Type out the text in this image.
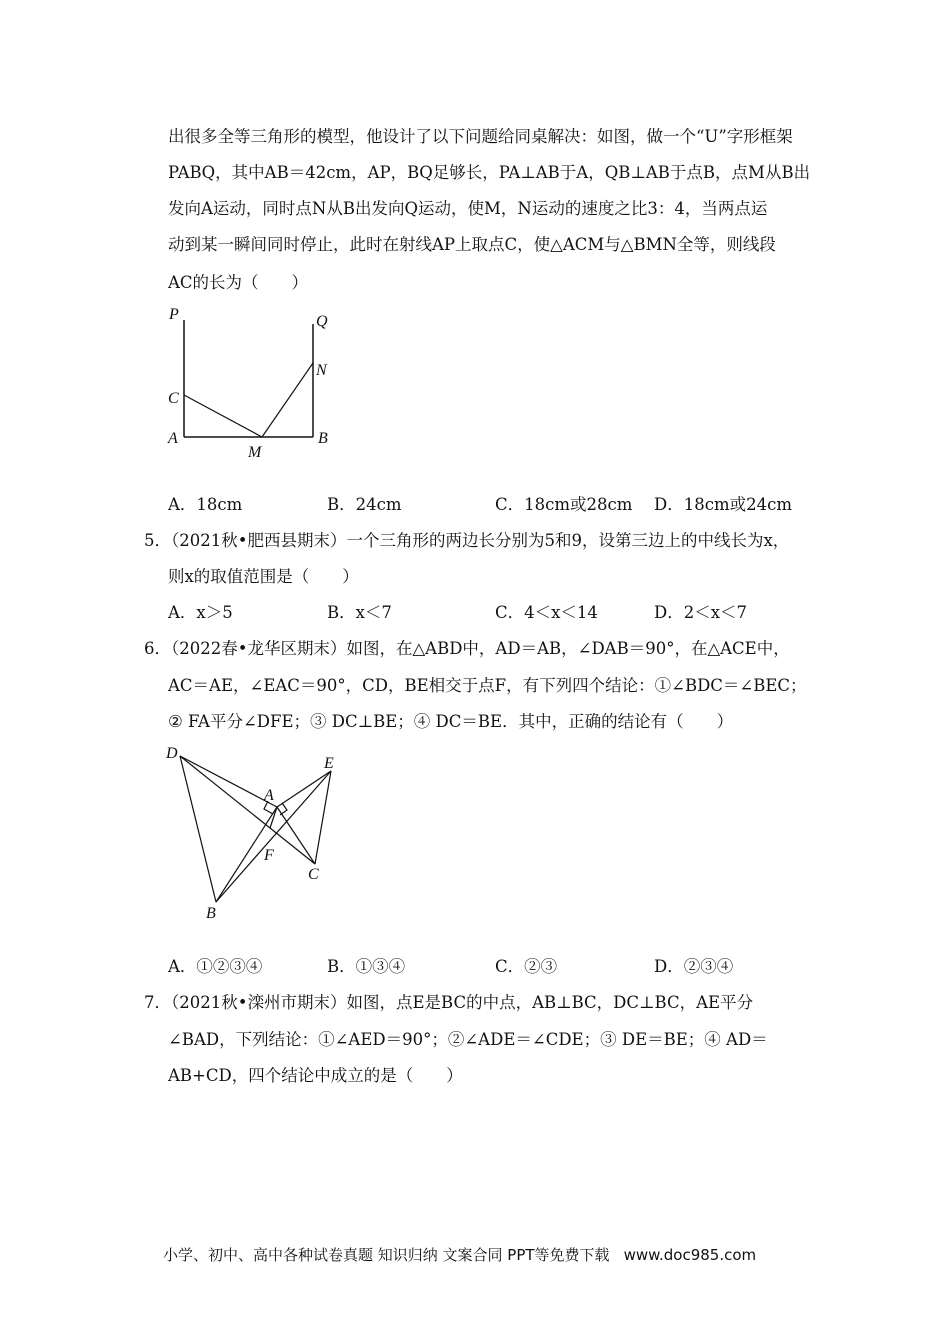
出很多全等三角形的模型，他设计了以下问题给同桌解决：如图，做一个“U”字形框架
PABQ，其中AB＝42cm，AP，BQ足够长，PA⊥AB于A，QB⊥AB于点B，点M从B出
发向A运动，同时点N从B出发向Q运动，使M，N运动的速度之比3：4，当两点运
动到某一瞬间同时停止，此时在射线AP上取点C，使△ACM与△BMN全等，则线段
AC的长为（　　）
P	Q
N
C
A
M
B
A．18cm	B．24cm	C．18cm或28cm D．18cm或24cm
5．（2021秋•肥西县期末）一个三角形的两边长分别为5和9，设第三边上的中线长为x，
则x的取值范围是（　　）
A．x＞5	B．x＜7	C．4＜x＜14	D．2＜x＜7
6．（2022春•龙华区期末）如图，在△ABD中，AD＝AB，∠DAB＝90°，在△ACE中，
AC＝AE，∠EAC＝90°，CD，BE相交于点F，有下列四个结论：①∠BDC＝∠BEC；
② FA平分∠DFE；③ DC⊥BE；④ DC＝BE．其中，正确的结论有（　　）
D
E
A
F
C
B
A．①②③④	B．①③④	C．②③	D．②③④
7．（2021秋•滦州市期末）如图，点E是BC的中点，AB⊥BC，DC⊥BC，AE平分
∠BAD，下列结论：①∠AED＝90°；②∠ADE＝∠CDE；③ DE＝BE；④ AD＝
AB+CD，四个结论中成立的是（　　）
小学、初中、高中各种试卷真题 知识归纳 文案合同 PPT等免费下载 www.doc985.com
